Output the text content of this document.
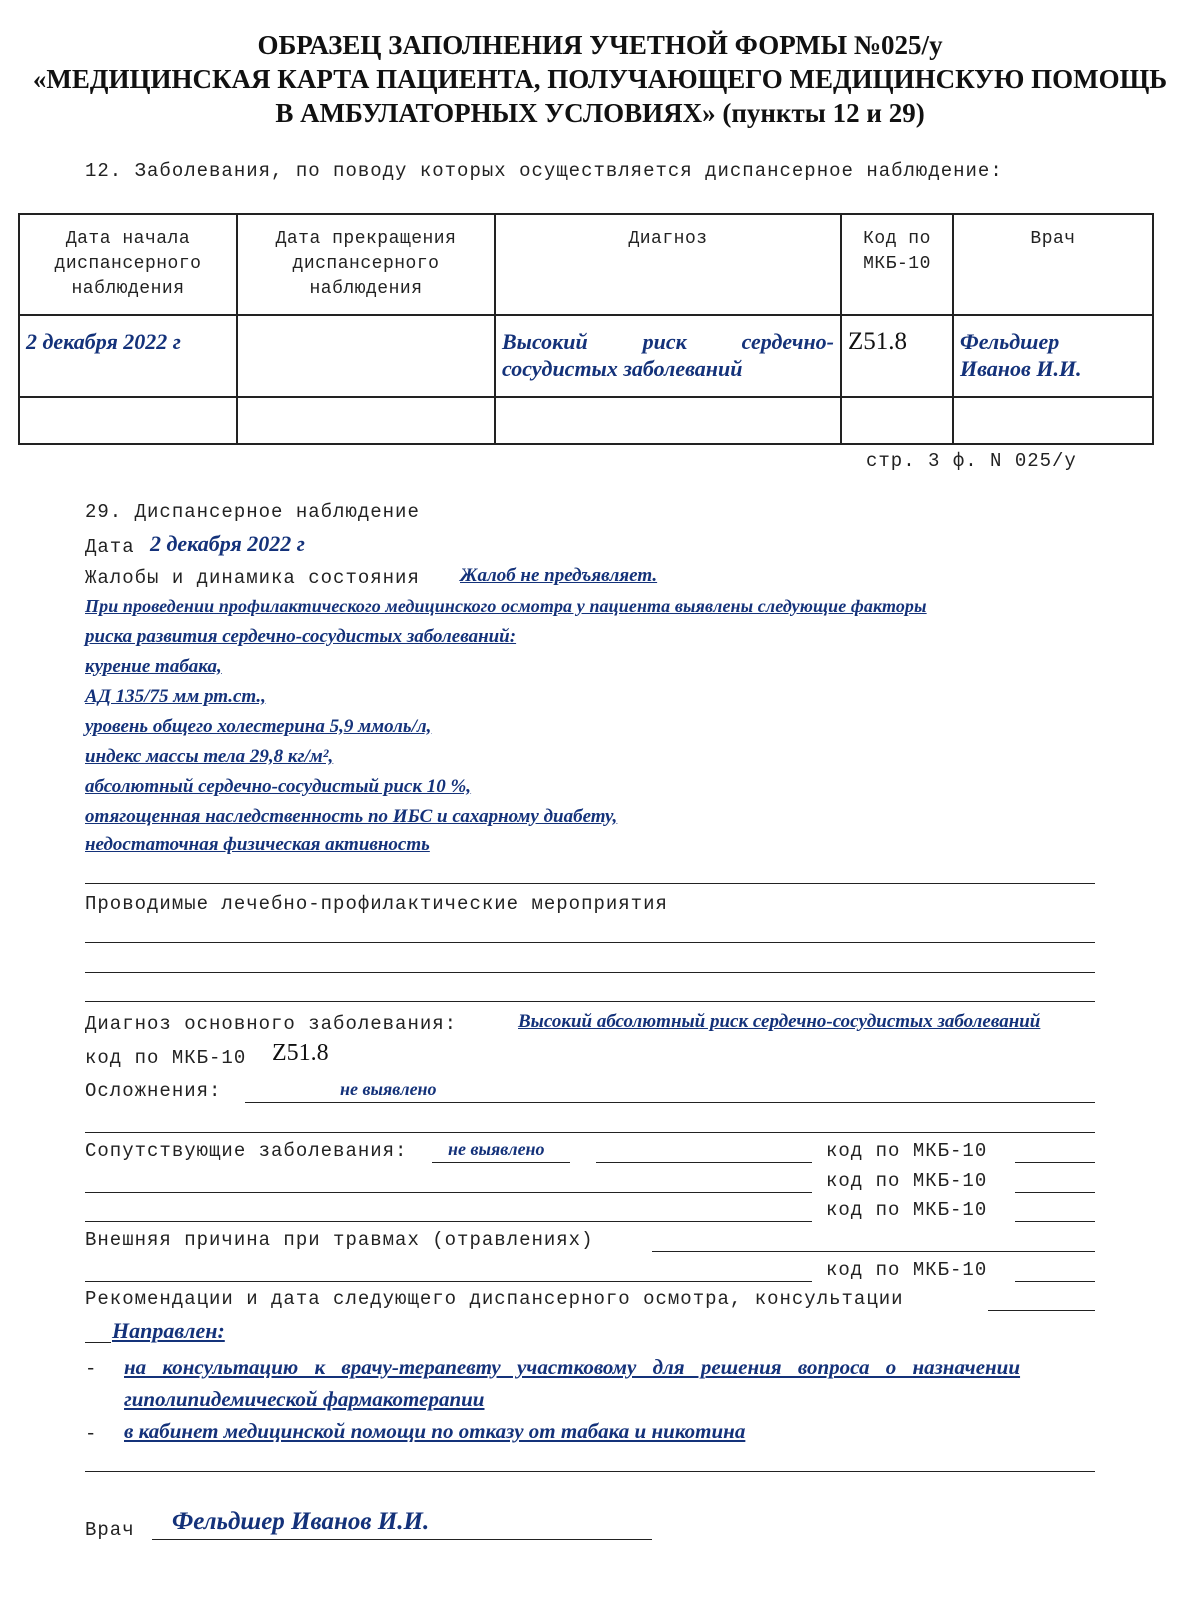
ОБРАЗЕЦ ЗАПОЛНЕНИЯ УЧЕТНОЙ ФОРМЫ №025/у
«МЕДИЦИНСКАЯ КАРТА ПАЦИЕНТА, ПОЛУЧАЮЩЕГО МЕДИЦИНСКУЮ ПОМОЩЬ
В АМБУЛАТОРНЫХ УСЛОВИЯХ» (пункты 12 и 29)
12. Заболевания, по поводу которых осуществляется диспансерное наблюдение:
Дата начала диспансерного наблюдения	Дата прекращения диспансерного наблюдения	Диагноз	Код по МКБ-10	Врач
2 декабря 2022 г		Высокий риск сердечно-сосудистых заболеваний	Z51.8	Фельдшер Иванов И.И.

стр. 3 ф. N 025/у
29. Диспансерное наблюдение
Дата 2 декабря 2022 г
Жалобы и динамика состояния Жалоб не предъявляет.
При проведении профилактического медицинского осмотра у пациента выявлены следующие факторы
риска развития сердечно-сосудистых заболеваний:
курение табака,
АД 135/75 мм рт.ст.,
уровень общего холестерина 5,9 ммоль/л,
индекс массы тела 29,8 кг/м²,
абсолютный сердечно-сосудистый риск 10 %,
отягощенная наследственность по ИБС и сахарному диабету,
недостаточная физическая активность
Проводимые лечебно-профилактические мероприятия
Диагноз основного заболевания:	Высокий абсолютный риск сердечно-сосудистых заболеваний
код по МКБ-10 Z51.8
Осложнения:	не выявлено
Сопутствующие заболевания: не выявлено	код по МКБ-10
код по МКБ-10
код по МКБ-10
Внешняя причина при травмах (отравлениях)
код по МКБ-10
Рекомендации и дата следующего диспансерного осмотра, консультации
Направлен:
- на консультацию к врачу-терапевту участковому для решения вопроса о назначении
гиполипидемической фармакотерапии
- в кабинет медицинской помощи по отказу от табака и никотина
Врач Фельдшер Иванов И.И.
